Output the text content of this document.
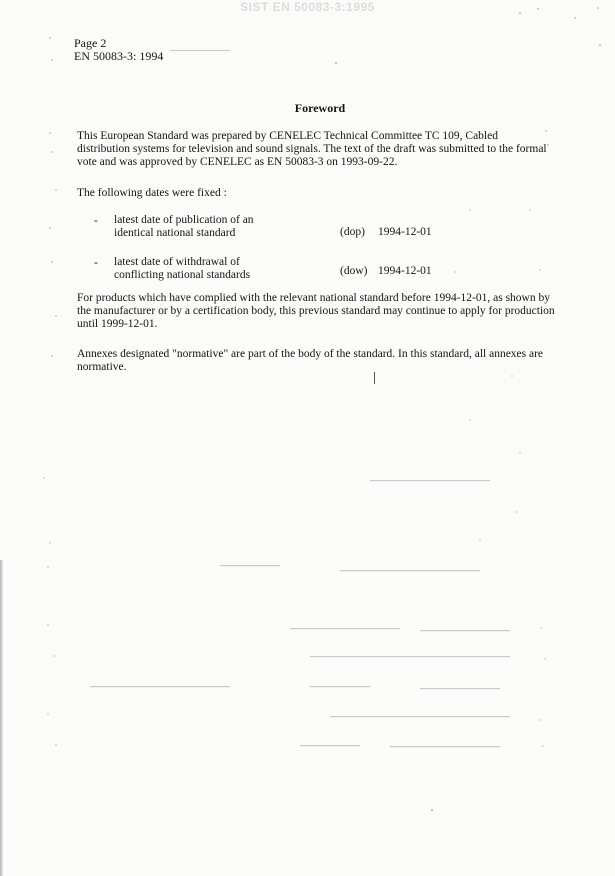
SIST EN 50083-3:1995
Page 2
EN 50083-3: 1994
Foreword
This European Standard was prepared by CENELEC Technical Committee TC 109, Cabled
distribution systems for television and sound signals. The text of the draft was submitted to the formal
vote and was approved by CENELEC as EN 50083-3 on 1993-09-22.
The following dates were fixed :
- latest date of publication of an
identical national standard	(dop) 1994-12-01
- latest date of withdrawal of
conflicting national standards	(dow) 1994-12-01
For products which have complied with the relevant national standard before 1994-12-01, as shown by
the manufacturer or by a certification body, this previous standard may continue to apply for production
until 1999-12-01.
Annexes designated "normative" are part of the body of the standard. In this standard, all annexes are
normative.
